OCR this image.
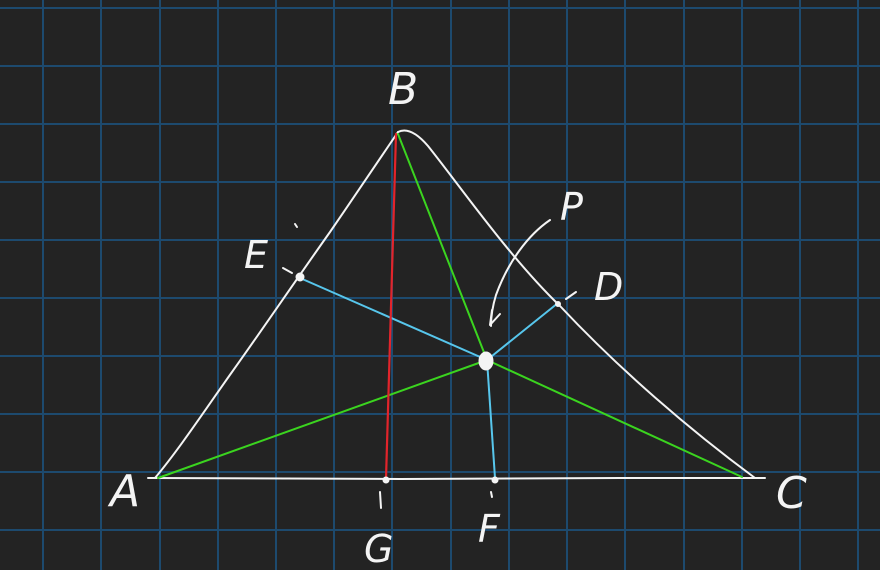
B
A	C
E
D
P
G F
